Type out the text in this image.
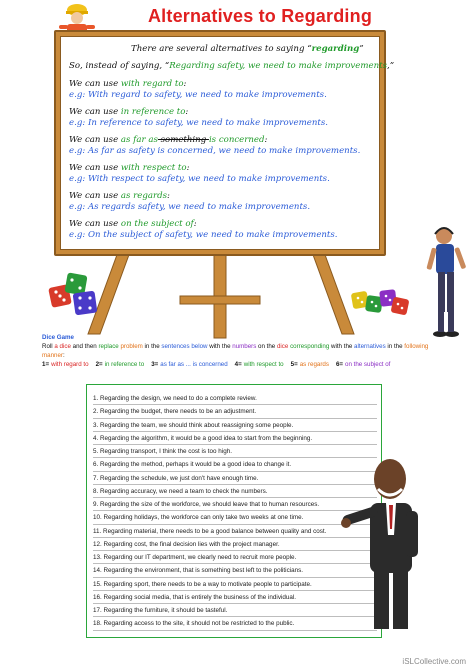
Alternatives to Regarding
There are several alternatives to saying “regarding”
So, instead of saying, “Regarding safety, we need to make improvements,”
We can use with regard to:
e.g: With regard to safety, we need to make improvements.
We can use in reference to:
e.g: In reference to safety, we need to make improvements.
We can use as far as something is concerned:
e.g: As far as safety is concerned, we need to make improvements.
We can use with respect to:
e.g: With respect to safety, we need to make improvements.
We can use as regards:
e.g: As regards safety, we need to make improvements.
We can use on the subject of:
e.g: On the subject of safety, we need to make improvements.
Dice Game
Roll a dice and then replace problem in the sentences below with the numbers on the dice corresponding with the alternatives in the following manner:
1= with regard to 2= in reference to 3= as far as ... is concerned 4= with respect to 5= as regards 6= on the subject of
1. Regarding the design, we need to do a complete review.
2. Regarding the budget, there needs to be an adjustment.
3. Regarding the team, we should think about reassigning some people.
4. Regarding the algorithm, it would be a good idea to start from the beginning.
5. Regarding transport, I think the cost is too high.
6. Regarding the method, perhaps it would be a good idea to change it.
7. Regarding the schedule, we just don't have enough time.
8. Regarding accuracy, we need a team to check the numbers.
9. Regarding the size of the workforce, we should leave that to human resources.
10. Regarding holidays, the workforce can only take two weeks at one time.
11. Regarding material, there needs to be a good balance between quality and cost.
12. Regarding cost, the final decision lies with the project manager.
13. Regarding our IT department, we clearly need to recruit more people.
14. Regarding the environment, that is something best left to the politicians.
15. Regarding sport, there needs to be a way to motivate people to participate.
16. Regarding social media, that is entirely the business of the individual.
17. Regarding the furniture, it should be tasteful.
18. Regarding access to the site, it should not be restricted to the public.
iSLCollective.com
